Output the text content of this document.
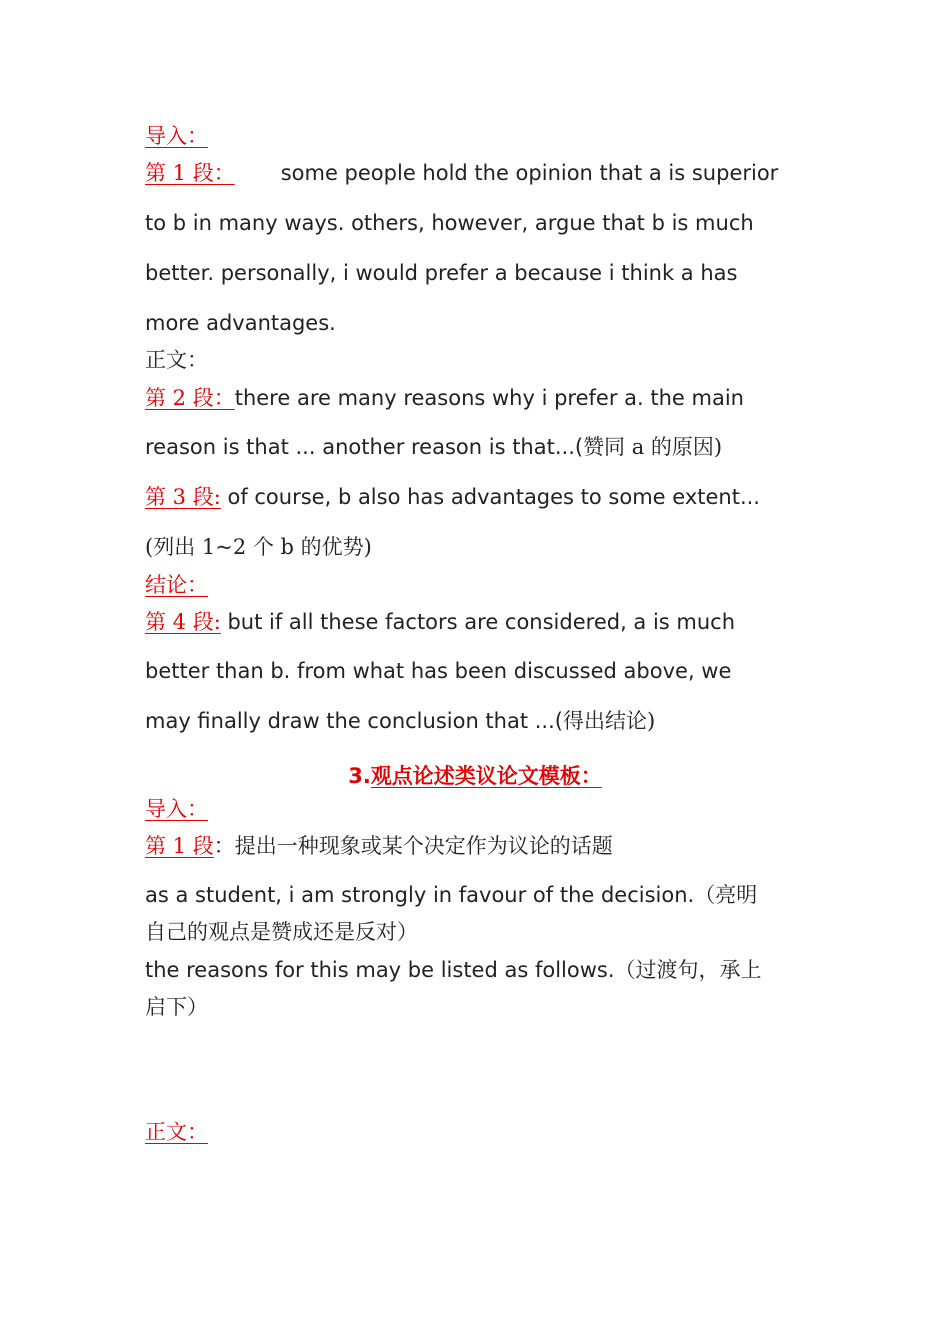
导入：
第 1 段： some people hold the opinion that a is superior
to b in many ways. others, however, argue that b is much
better. personally, i would prefer a because i think a has
more advantages.
正文：
第 2 段：there are many reasons why i prefer a. the main
reason is that ... another reason is that...(赞同 a 的原因)
第 3 段: of course, b also has advantages to some extent...
(列出 1~2 个 b 的优势)
结论：
第 4 段: but if all these factors are considered, a is much
better than b. from what has been discussed above, we
may finally draw the conclusion that ...(得出结论)
3.观点论述类议论文模板：
导入：
第 1 段：提出一种现象或某个决定作为议论的话题
as a student, i am strongly in favour of the decision.（亮明
自己的观点是赞成还是反对）
the reasons for this may be listed as follows.（过渡句，承上
启下）
正文：
